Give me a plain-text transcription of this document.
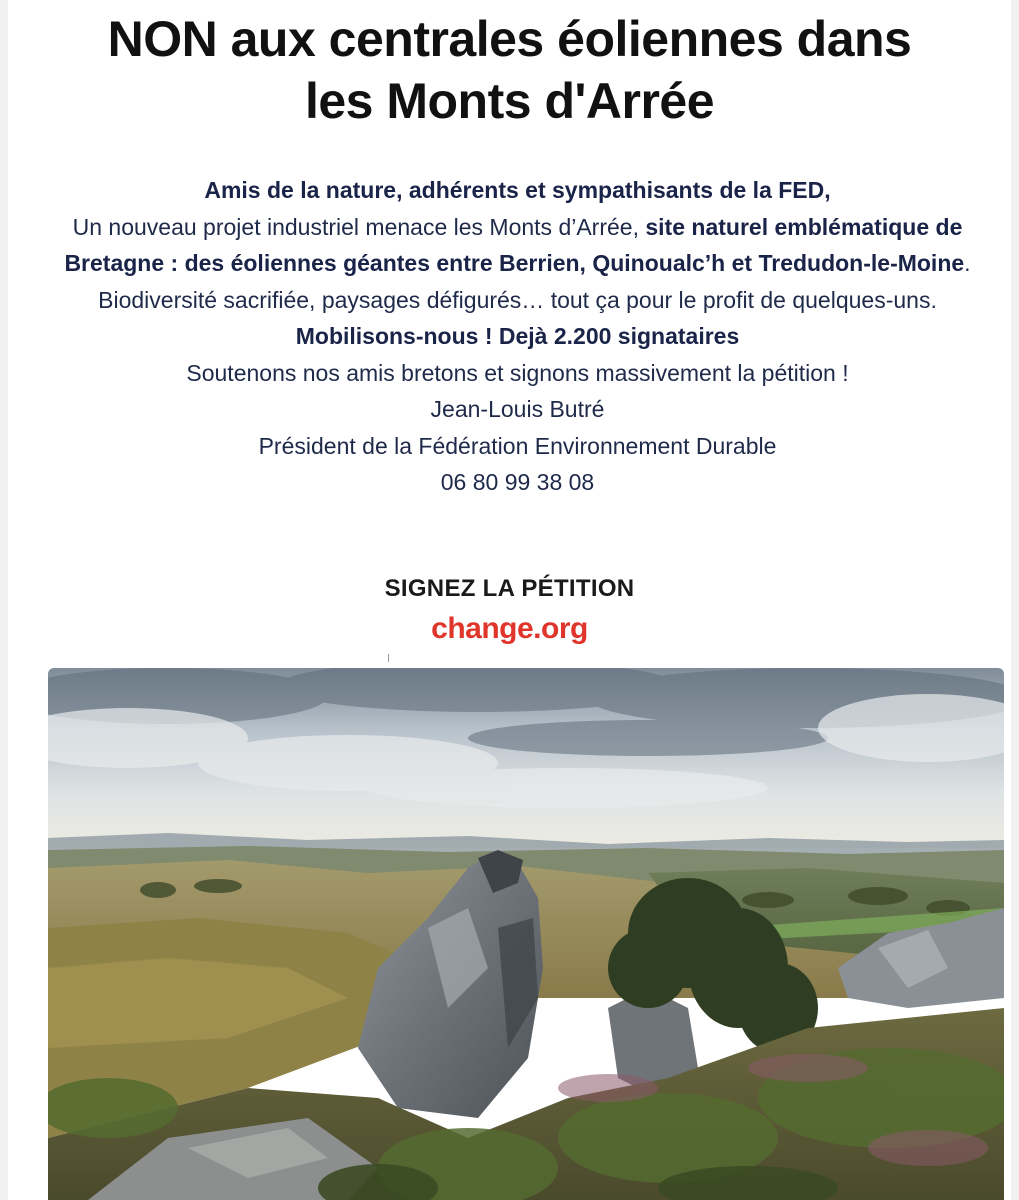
NON aux centrales éoliennes dans
les Monts d'Arrée

Amis de la nature, adhérents et sympathisants de la FED,

Un nouveau projet industriel menace les Monts d’Arrée, site naturel emblématique de Bretagne : des éoliennes géantes entre Berrien, Quinoualc’h et Tredudon-le-Moine. Biodiversité sacrifiée, paysages défigurés… tout ça pour le profit de quelques-uns.

Mobilisons-nous ! Dejà 2.200 signataires

Soutenons nos amis bretons et signons massivement la pétition !

Jean-Louis Butré

Président de la Fédération Environnement Durable

06 80 99 38 08

SIGNEZ LA PÉTITION
change.org
